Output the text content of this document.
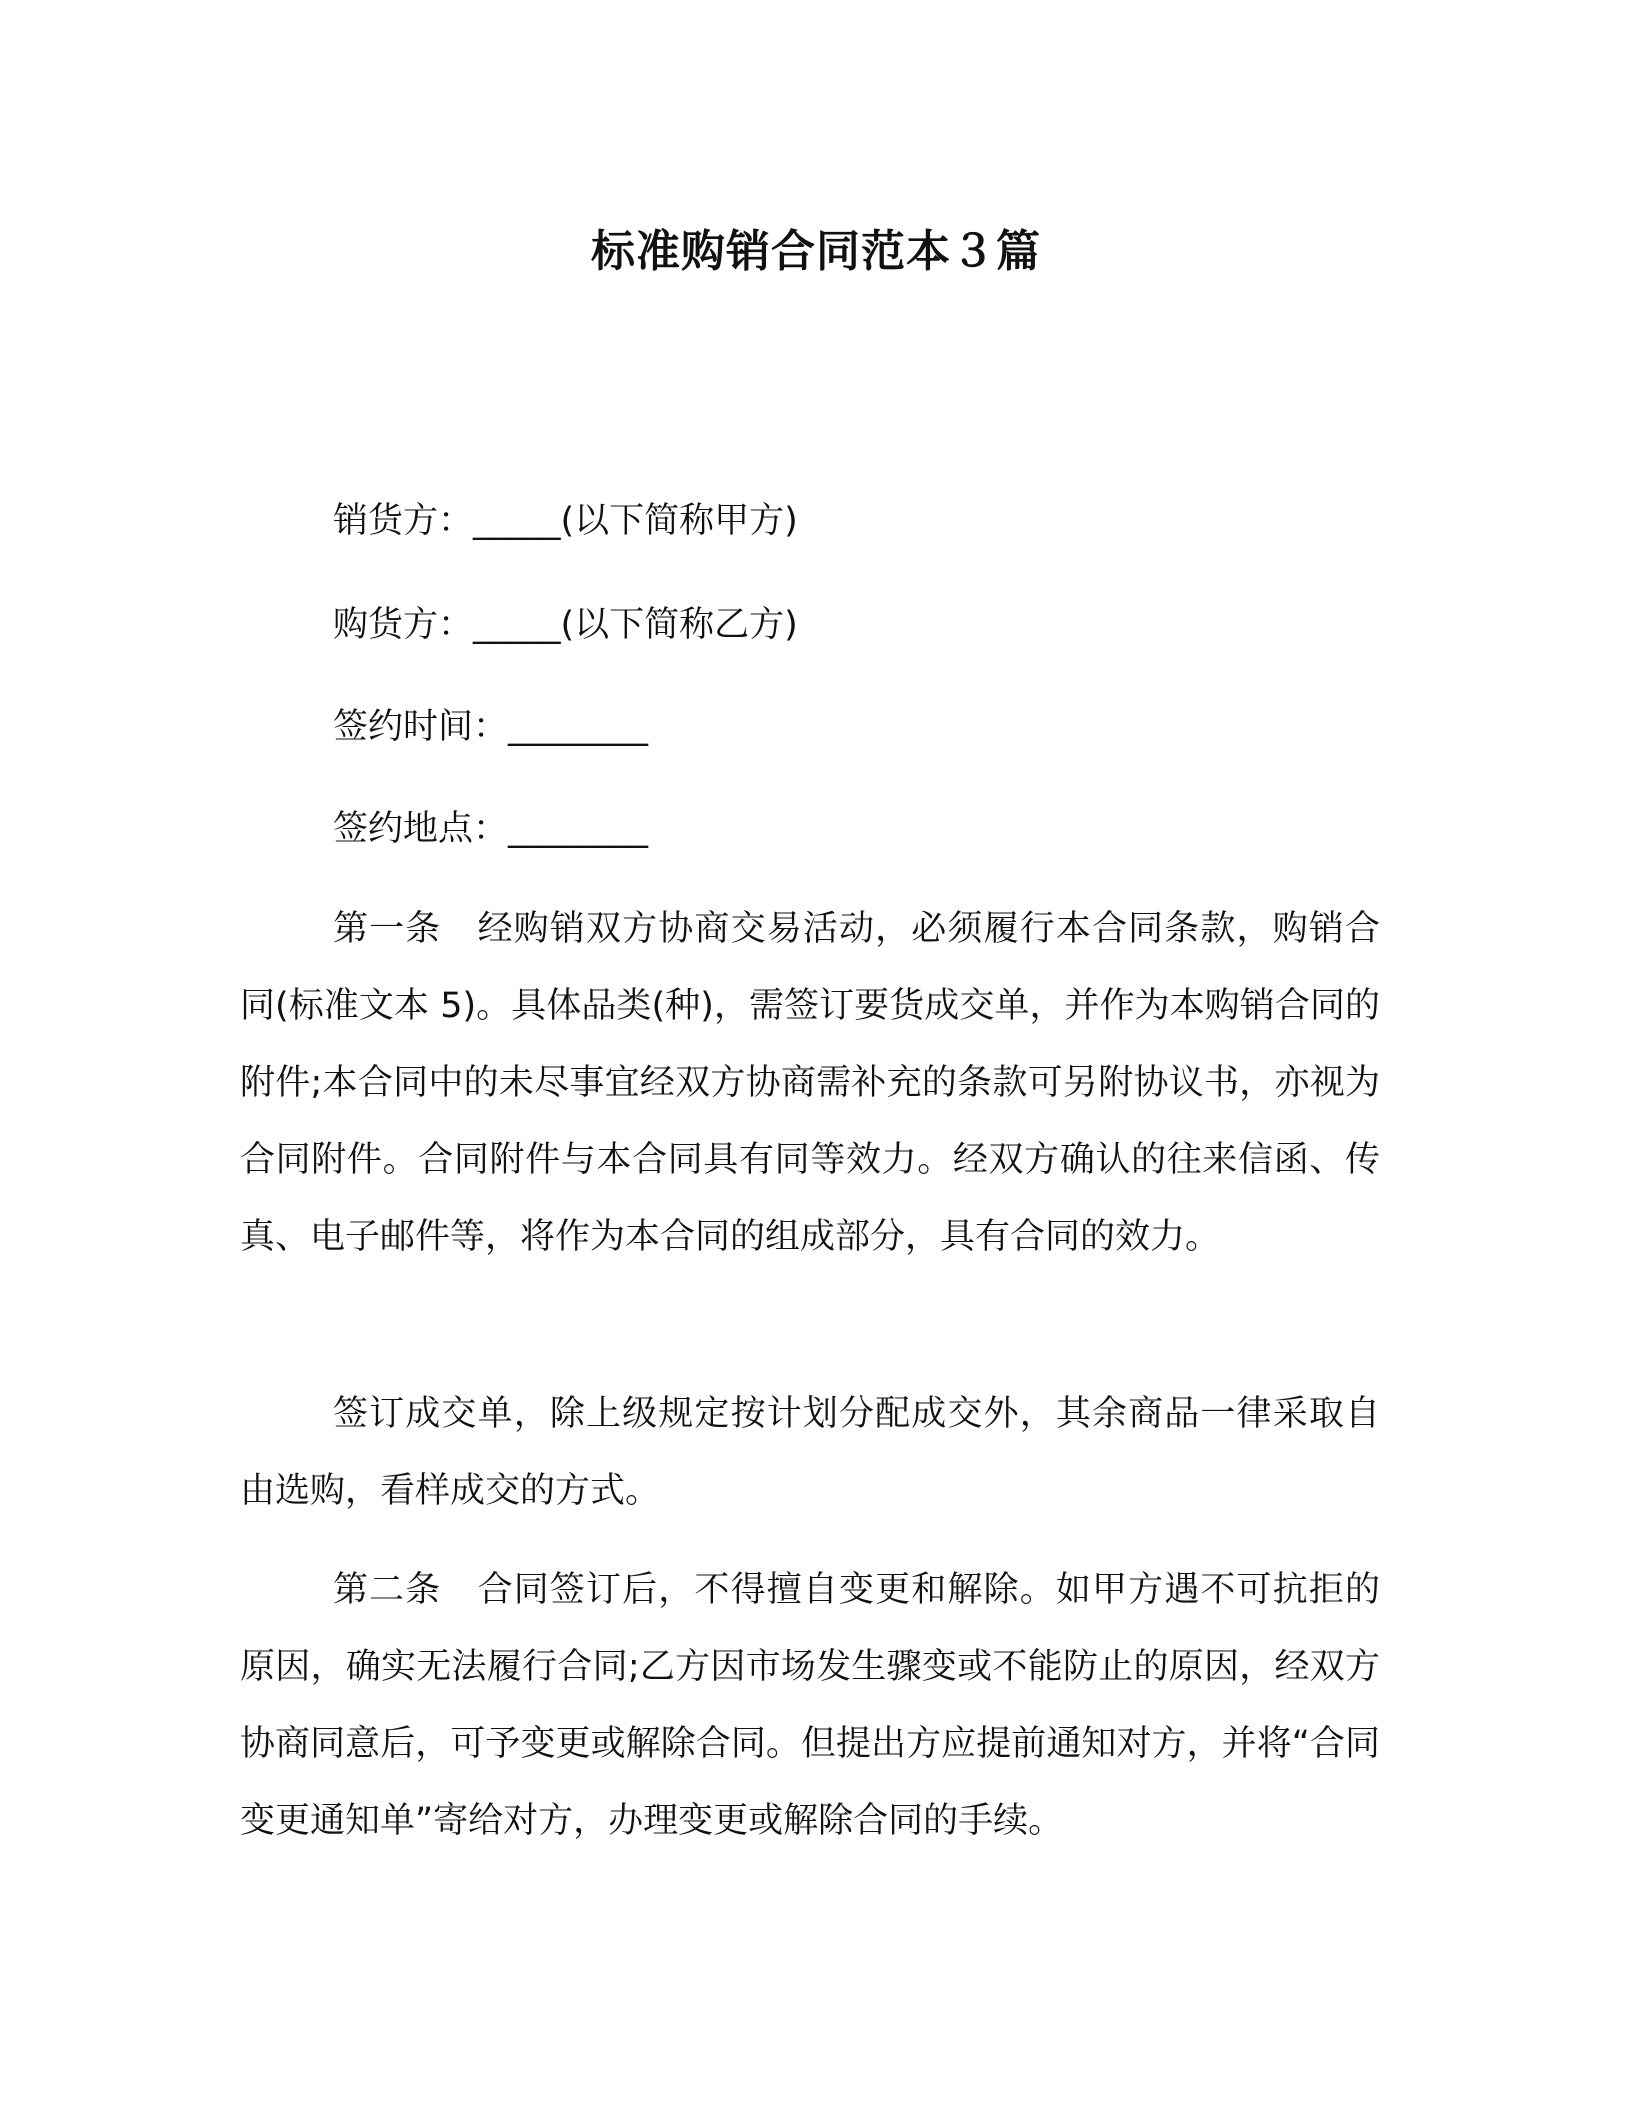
标准购销合同范本３篇
销货方：_____(以下简称甲方)
购货方：_____(以下简称乙方)
签约时间：________
签约地点：________
第一条　经购销双方协商交易活动，必须履行本合同条款，购销合同(标准文本 5)。具体品类(种)，需签订要货成交单，并作为本购销合同的附件;本合同中的未尽事宜经双方协商需补充的条款可另附协议书，亦视为合同附件。合同附件与本合同具有同等效力。经双方确认的往来信函、传真、电子邮件等，将作为本合同的组成部分，具有合同的效力。
签订成交单，除上级规定按计划分配成交外，其余商品一律采取自由选购，看样成交的方式。
第二条　合同签订后，不得擅自变更和解除。如甲方遇不可抗拒的原因，确实无法履行合同;乙方因市场发生骤变或不能防止的原因，经双方协商同意后，可予变更或解除合同。但提出方应提前通知对方，并将“合同变更通知单”寄给对方，办理变更或解除合同的手续。
